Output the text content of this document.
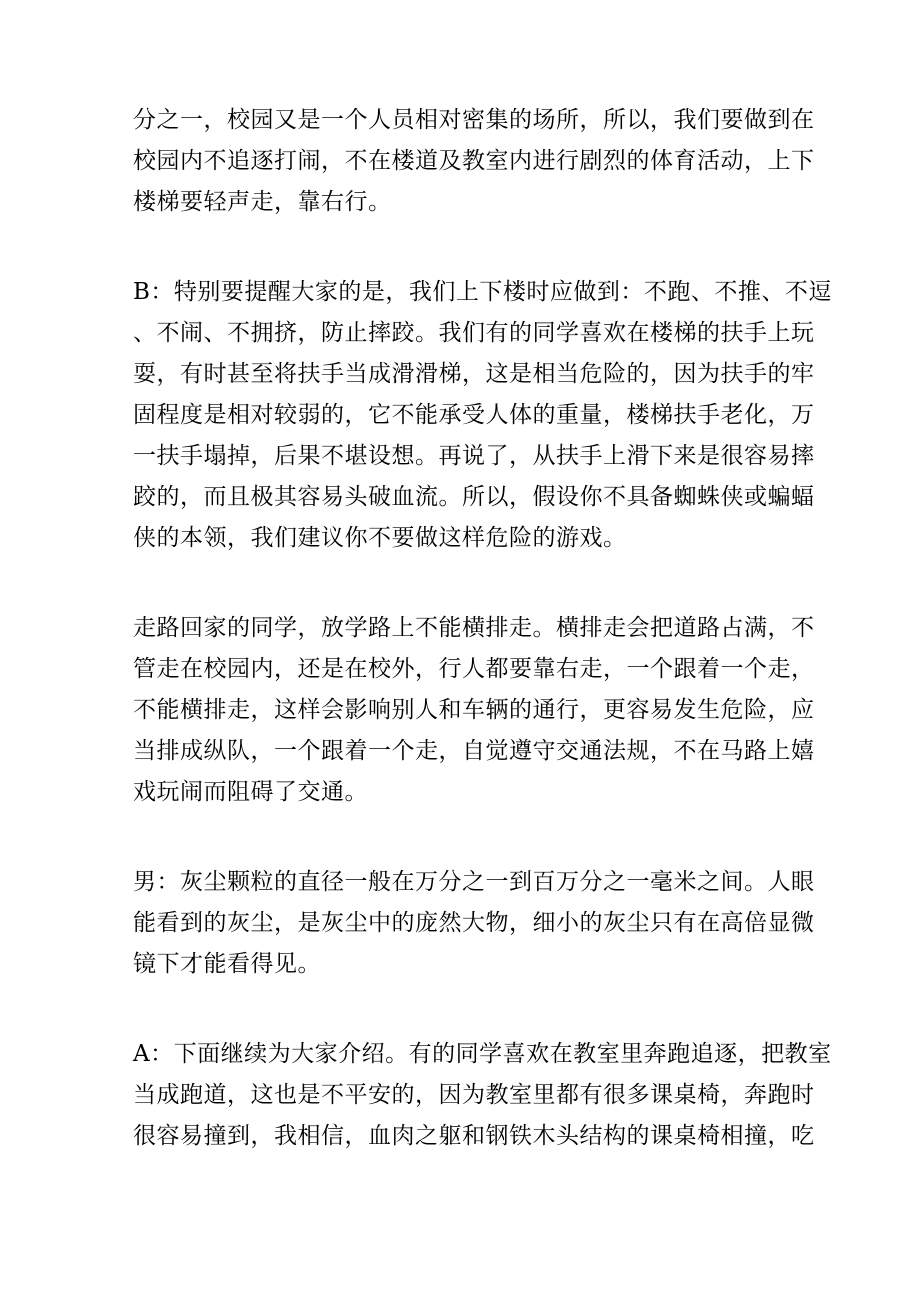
分之一，校园又是一个人员相对密集的场所，所以，我们要做到在
校园内不追逐打闹，不在楼道及教室内进行剧烈的体育活动，上下
楼梯要轻声走，靠右行。
B：特别要提醒大家的是，我们上下楼时应做到：不跑、不推、不逗
、不闹、不拥挤，防止摔跤。我们有的同学喜欢在楼梯的扶手上玩
耍，有时甚至将扶手当成滑滑梯，这是相当危险的，因为扶手的牢
固程度是相对较弱的，它不能承受人体的重量，楼梯扶手老化，万
一扶手塌掉，后果不堪设想。再说了，从扶手上滑下来是很容易摔
跤的，而且极其容易头破血流。所以，假设你不具备蜘蛛侠或蝙蝠
侠的本领，我们建议你不要做这样危险的游戏。
走路回家的同学，放学路上不能横排走。横排走会把道路占满，不
管走在校园内，还是在校外，行人都要靠右走，一个跟着一个走，
不能横排走，这样会影响别人和车辆的通行，更容易发生危险，应
当排成纵队，一个跟着一个走，自觉遵守交通法规，不在马路上嬉
戏玩闹而阻碍了交通。
男：灰尘颗粒的直径一般在万分之一到百万分之一毫米之间。人眼
能看到的灰尘，是灰尘中的庞然大物，细小的灰尘只有在高倍显微
镜下才能看得见。
A：下面继续为大家介绍。有的同学喜欢在教室里奔跑追逐，把教室
当成跑道，这也是不平安的，因为教室里都有很多课桌椅，奔跑时
很容易撞到，我相信，血肉之躯和钢铁木头结构的课桌椅相撞，吃
